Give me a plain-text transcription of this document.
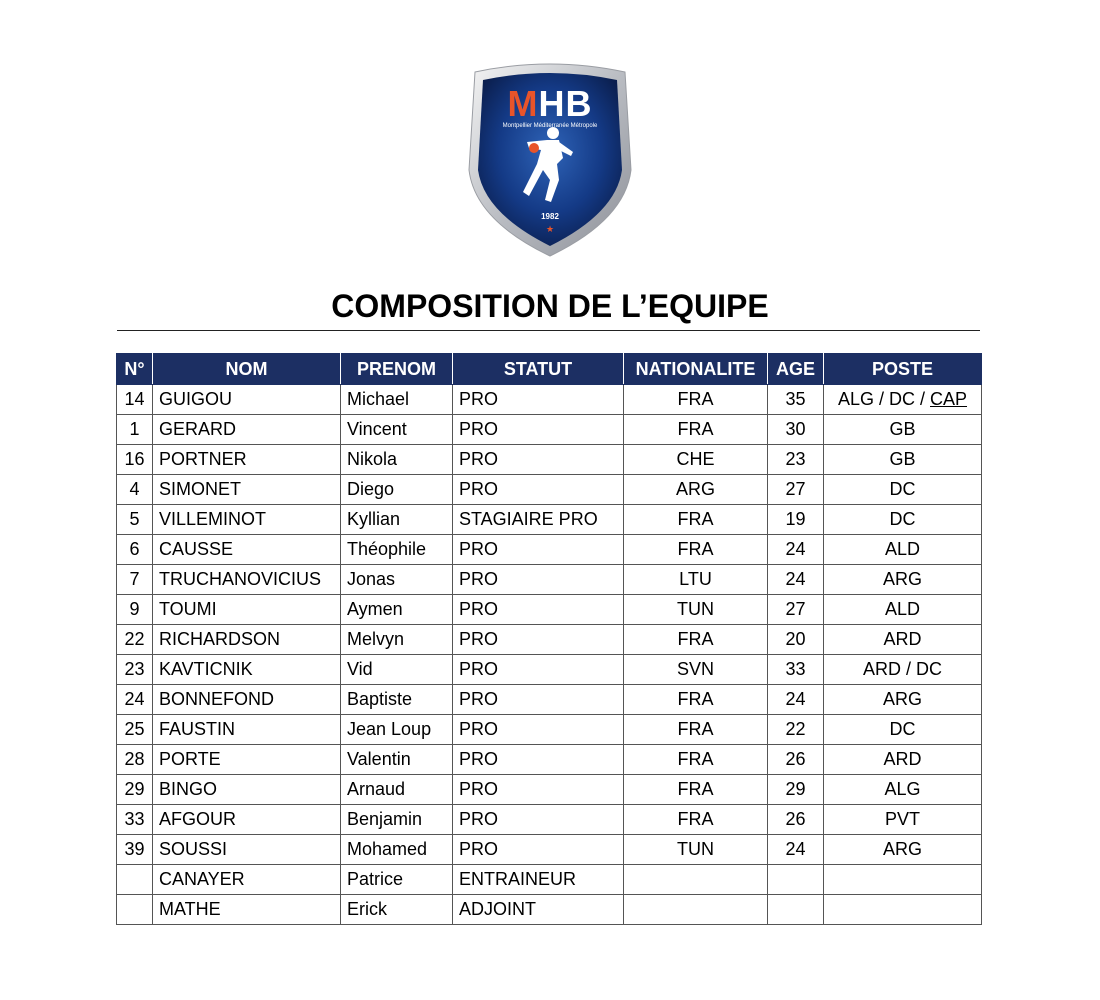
MHB
Montpellier Méditerranée Métropole
1982
★
COMPOSITION DE L’EQUIPE
N°	NOM	PRENOM	STATUT	NATIONALITE	AGE	POSTE
14	GUIGOU	Michael	PRO	FRA	35	ALG / DC / CAP
1	GERARD	Vincent	PRO	FRA	30	GB
16	PORTNER	Nikola	PRO	CHE	23	GB
4	SIMONET	Diego	PRO	ARG	27	DC
5	VILLEMINOT	Kyllian	STAGIAIRE PRO	FRA	19	DC
6	CAUSSE	Théophile	PRO	FRA	24	ALD
7	TRUCHANOVICIUS	Jonas	PRO	LTU	24	ARG
9	TOUMI	Aymen	PRO	TUN	27	ALD
22	RICHARDSON	Melvyn	PRO	FRA	20	ARD
23	KAVTICNIK	Vid	PRO	SVN	33	ARD / DC
24	BONNEFOND	Baptiste	PRO	FRA	24	ARG
25	FAUSTIN	Jean Loup	PRO	FRA	22	DC
28	PORTE	Valentin	PRO	FRA	26	ARD
29	BINGO	Arnaud	PRO	FRA	29	ALG
33	AFGOUR	Benjamin	PRO	FRA	26	PVT
39	SOUSSI	Mohamed	PRO	TUN	24	ARG
	CANAYER	Patrice	ENTRAINEUR			
	MATHE	Erick	ADJOINT			
